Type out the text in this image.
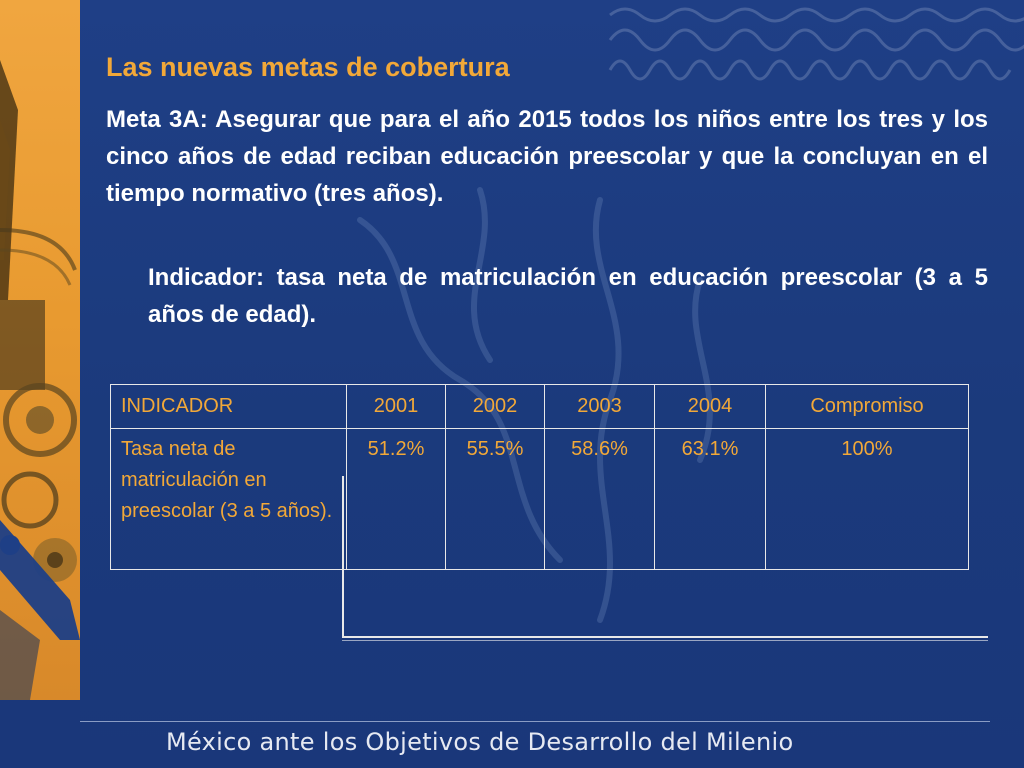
Las nuevas metas de cobertura

Meta 3A: Asegurar que para el año 2015 todos los niños entre los tres y los cinco años de edad reciban educación preescolar y que la concluyan en el tiempo normativo (tres años).

Indicador: tasa neta de matriculación en educación preescolar (3 a 5 años de edad).

INDICADOR	2001	2002	2003	2004	Compromiso
Tasa neta de matriculación en preescolar (3 a 5 años).	51.2%	55.5%	58.6%	63.1%	100%

México ante los Objetivos de Desarrollo del Milenio
